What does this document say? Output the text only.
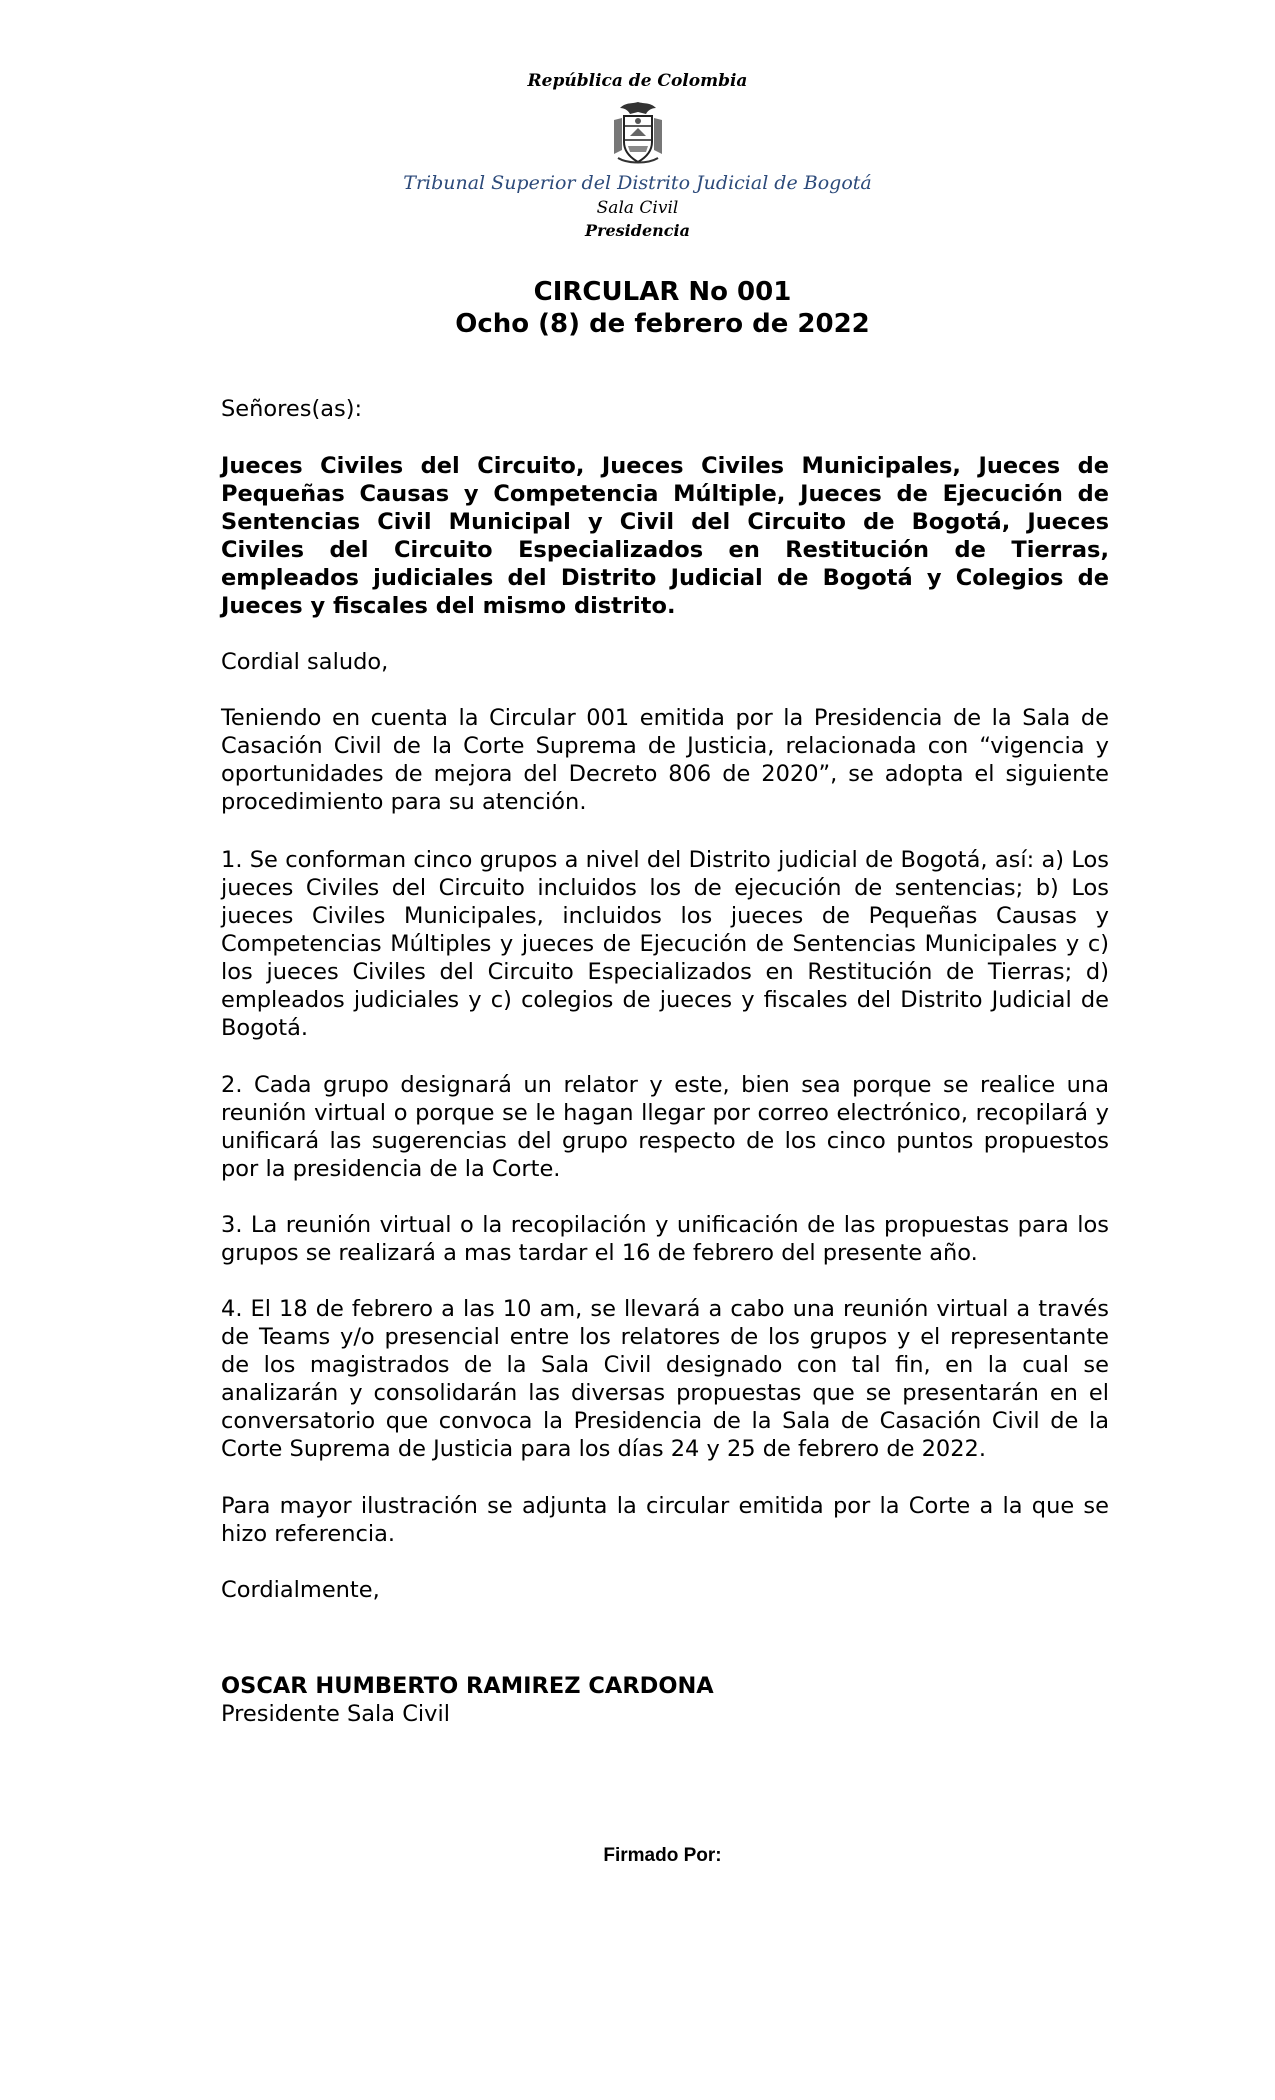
República de Colombia
Tribunal Superior del Distrito Judicial de Bogotá
Sala Civil
Presidencia
CIRCULAR No 001
Ocho (8) de febrero de 2022

Señores(as):

Jueces Civiles del Circuito, Jueces Civiles Municipales, Jueces de Pequeñas Causas y Competencia Múltiple, Jueces de Ejecución de Sentencias Civil Municipal y Civil del Circuito de Bogotá, Jueces Civiles del Circuito Especializados en Restitución de Tierras, empleados judiciales del Distrito Judicial de Bogotá y Colegios de Jueces y fiscales del mismo distrito.

Cordial saludo,

Teniendo en cuenta la Circular 001 emitida por la Presidencia de la Sala de Casación Civil de la Corte Suprema de Justicia, relacionada con “vigencia y oportunidades de mejora del Decreto 806 de 2020”, se adopta el siguiente procedimiento para su atención.

1. Se conforman cinco grupos a nivel del Distrito judicial de Bogotá, así: a) Los jueces Civiles del Circuito incluidos los de ejecución de sentencias; b) Los jueces Civiles Municipales, incluidos los jueces de Pequeñas Causas y Competencias Múltiples y jueces de Ejecución de Sentencias Municipales y c) los jueces Civiles del Circuito Especializados en Restitución de Tierras; d) empleados judiciales y c) colegios de jueces y fiscales del Distrito Judicial de Bogotá.

2. Cada grupo designará un relator y este, bien sea porque se realice una reunión virtual o porque se le hagan llegar por correo electrónico, recopilará y unificará las sugerencias del grupo respecto de los cinco puntos propuestos por la presidencia de la Corte.

3. La reunión virtual o la recopilación y unificación de las propuestas para los grupos se realizará a mas tardar el 16 de febrero del presente año.

4. El 18 de febrero a las 10 am, se llevará a cabo una reunión virtual a través de Teams y/o presencial entre los relatores de los grupos y el representante de los magistrados de la Sala Civil designado con tal fin, en la cual se analizarán y consolidarán las diversas propuestas que se presentarán en el conversatorio que convoca la Presidencia de la Sala de Casación Civil de la Corte Suprema de Justicia para los días 24 y 25 de febrero de 2022.

Para mayor ilustración se adjunta la circular emitida por la Corte a la que se hizo referencia.

Cordialmente,

OSCAR HUMBERTO RAMIREZ CARDONA
Presidente Sala Civil
Firmado Por:
